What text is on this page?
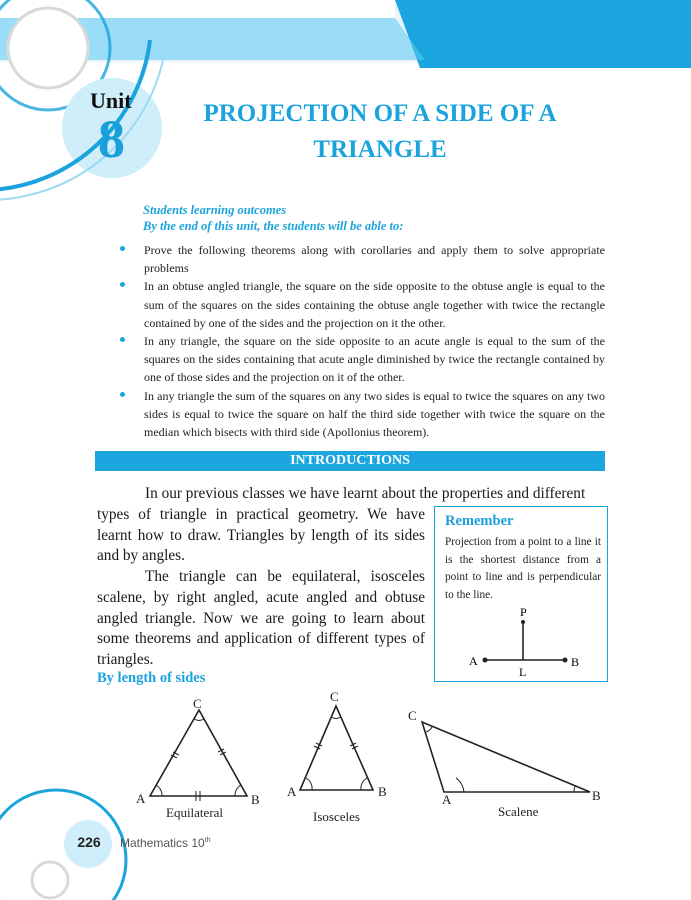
Unit
8	PROJECTION OF A SIDE OF A
TRIANGLE
Students learning outcomes
By the end of this unit, the students will be able to:
Prove the following theorems along with corollaries and apply them to solve appropriate problems
In an obtuse angled triangle, the square on the side opposite to the obtuse angle is equal to the sum of the squares on the sides containing the obtuse angle together with twice the rectangle contained by one of the sides and the projection on it the other.
In any triangle, the square on the side opposite to an acute angle is equal to the sum of the squares on the sides containing that acute angle diminished by twice the rectangle contained by one of those sides and the projection on it of the other.
In any triangle the sum of the squares on any two sides is equal to twice the squares on any two sides is equal to twice the square on half the third side together with twice the square on the median which bisects with third side (Apollonius theorem).
INTRODUCTIONS
In our previous classes we have learnt about the properties and different
types of triangle in practical geometry. We have learnt how to draw. Triangles by length of its sides and by angles.
The triangle can be equilateral, isosceles scalene, by right angled, acute angled and obtuse angled triangle. Now we are going to learn about some theorems and application of different types of triangles.
Remember
Projection from a point to a line it is the shortest distance from a point to line and is perpendicular to the line.
P
A	B
L
By length of sides
A	B
C
Equilateral
A	B
C
Isosceles
A	B
C
Scalene
226	Mathematics 10th
